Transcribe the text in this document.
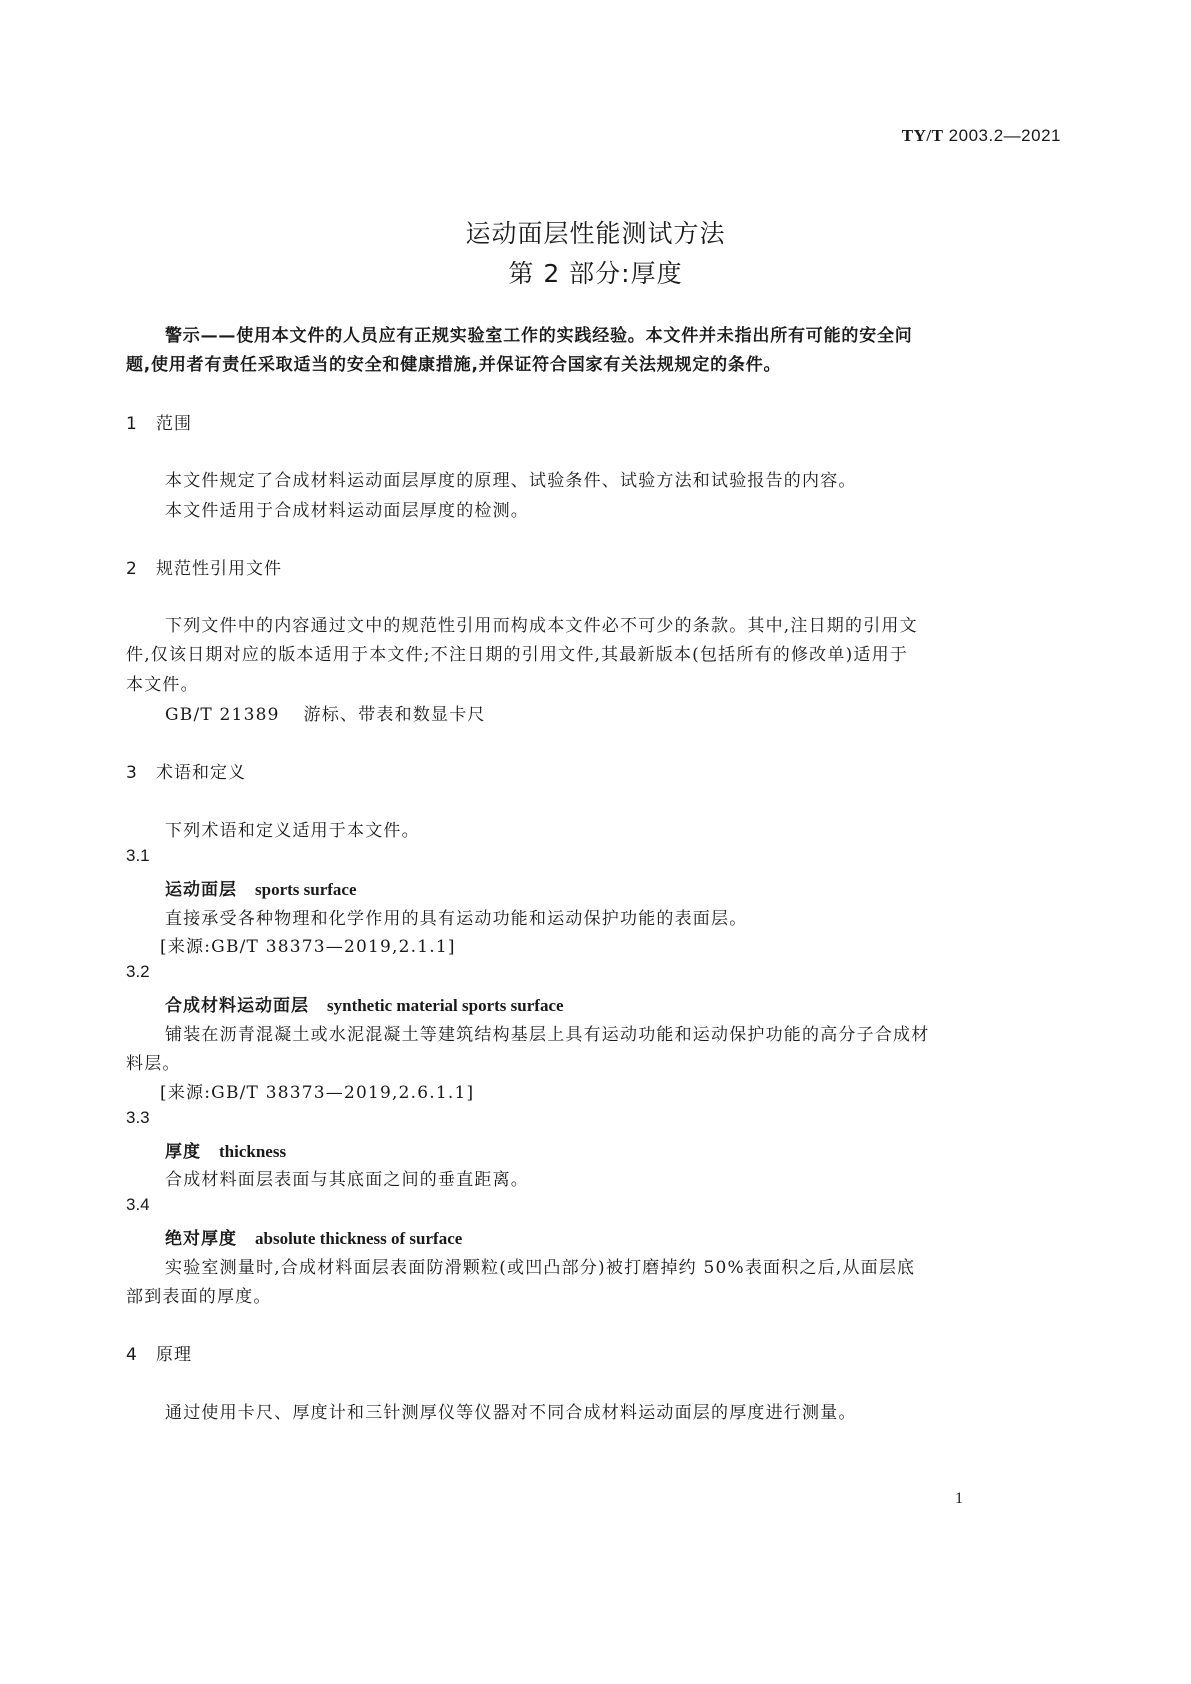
TY/T 2003.2—2021
运动面层性能测试方法
第 2 部分:厚度
警示——使用本文件的人员应有正规实验室工作的实践经验。本文件并未指出所有可能的安全问
题,使用者有责任采取适当的安全和健康措施,并保证符合国家有关法规规定的条件。
1 范围
本文件规定了合成材料运动面层厚度的原理、试验条件、试验方法和试验报告的内容。
本文件适用于合成材料运动面层厚度的检测。
2 规范性引用文件
下列文件中的内容通过文中的规范性引用而构成本文件必不可少的条款。其中,注日期的引用文
件,仅该日期对应的版本适用于本文件;不注日期的引用文件,其最新版本(包括所有的修改单)适用于
本文件。
GB/T 21389 游标、带表和数显卡尺
3 术语和定义
下列术语和定义适用于本文件。
3.1
运动面层 sports surface
直接承受各种物理和化学作用的具有运动功能和运动保护功能的表面层。
[来源:GB/T 38373—2019,2.1.1]
3.2
合成材料运动面层 synthetic material sports surface
铺装在沥青混凝土或水泥混凝土等建筑结构基层上具有运动功能和运动保护功能的高分子合成材
料层。
[来源:GB/T 38373—2019,2.6.1.1]
3.3
厚度 thickness
合成材料面层表面与其底面之间的垂直距离。
3.4
绝对厚度 absolute thickness of surface
实验室测量时,合成材料面层表面防滑颗粒(或凹凸部分)被打磨掉约 50%表面积之后,从面层底
部到表面的厚度。
4 原理
通过使用卡尺、厚度计和三针测厚仪等仪器对不同合成材料运动面层的厚度进行测量。
1
